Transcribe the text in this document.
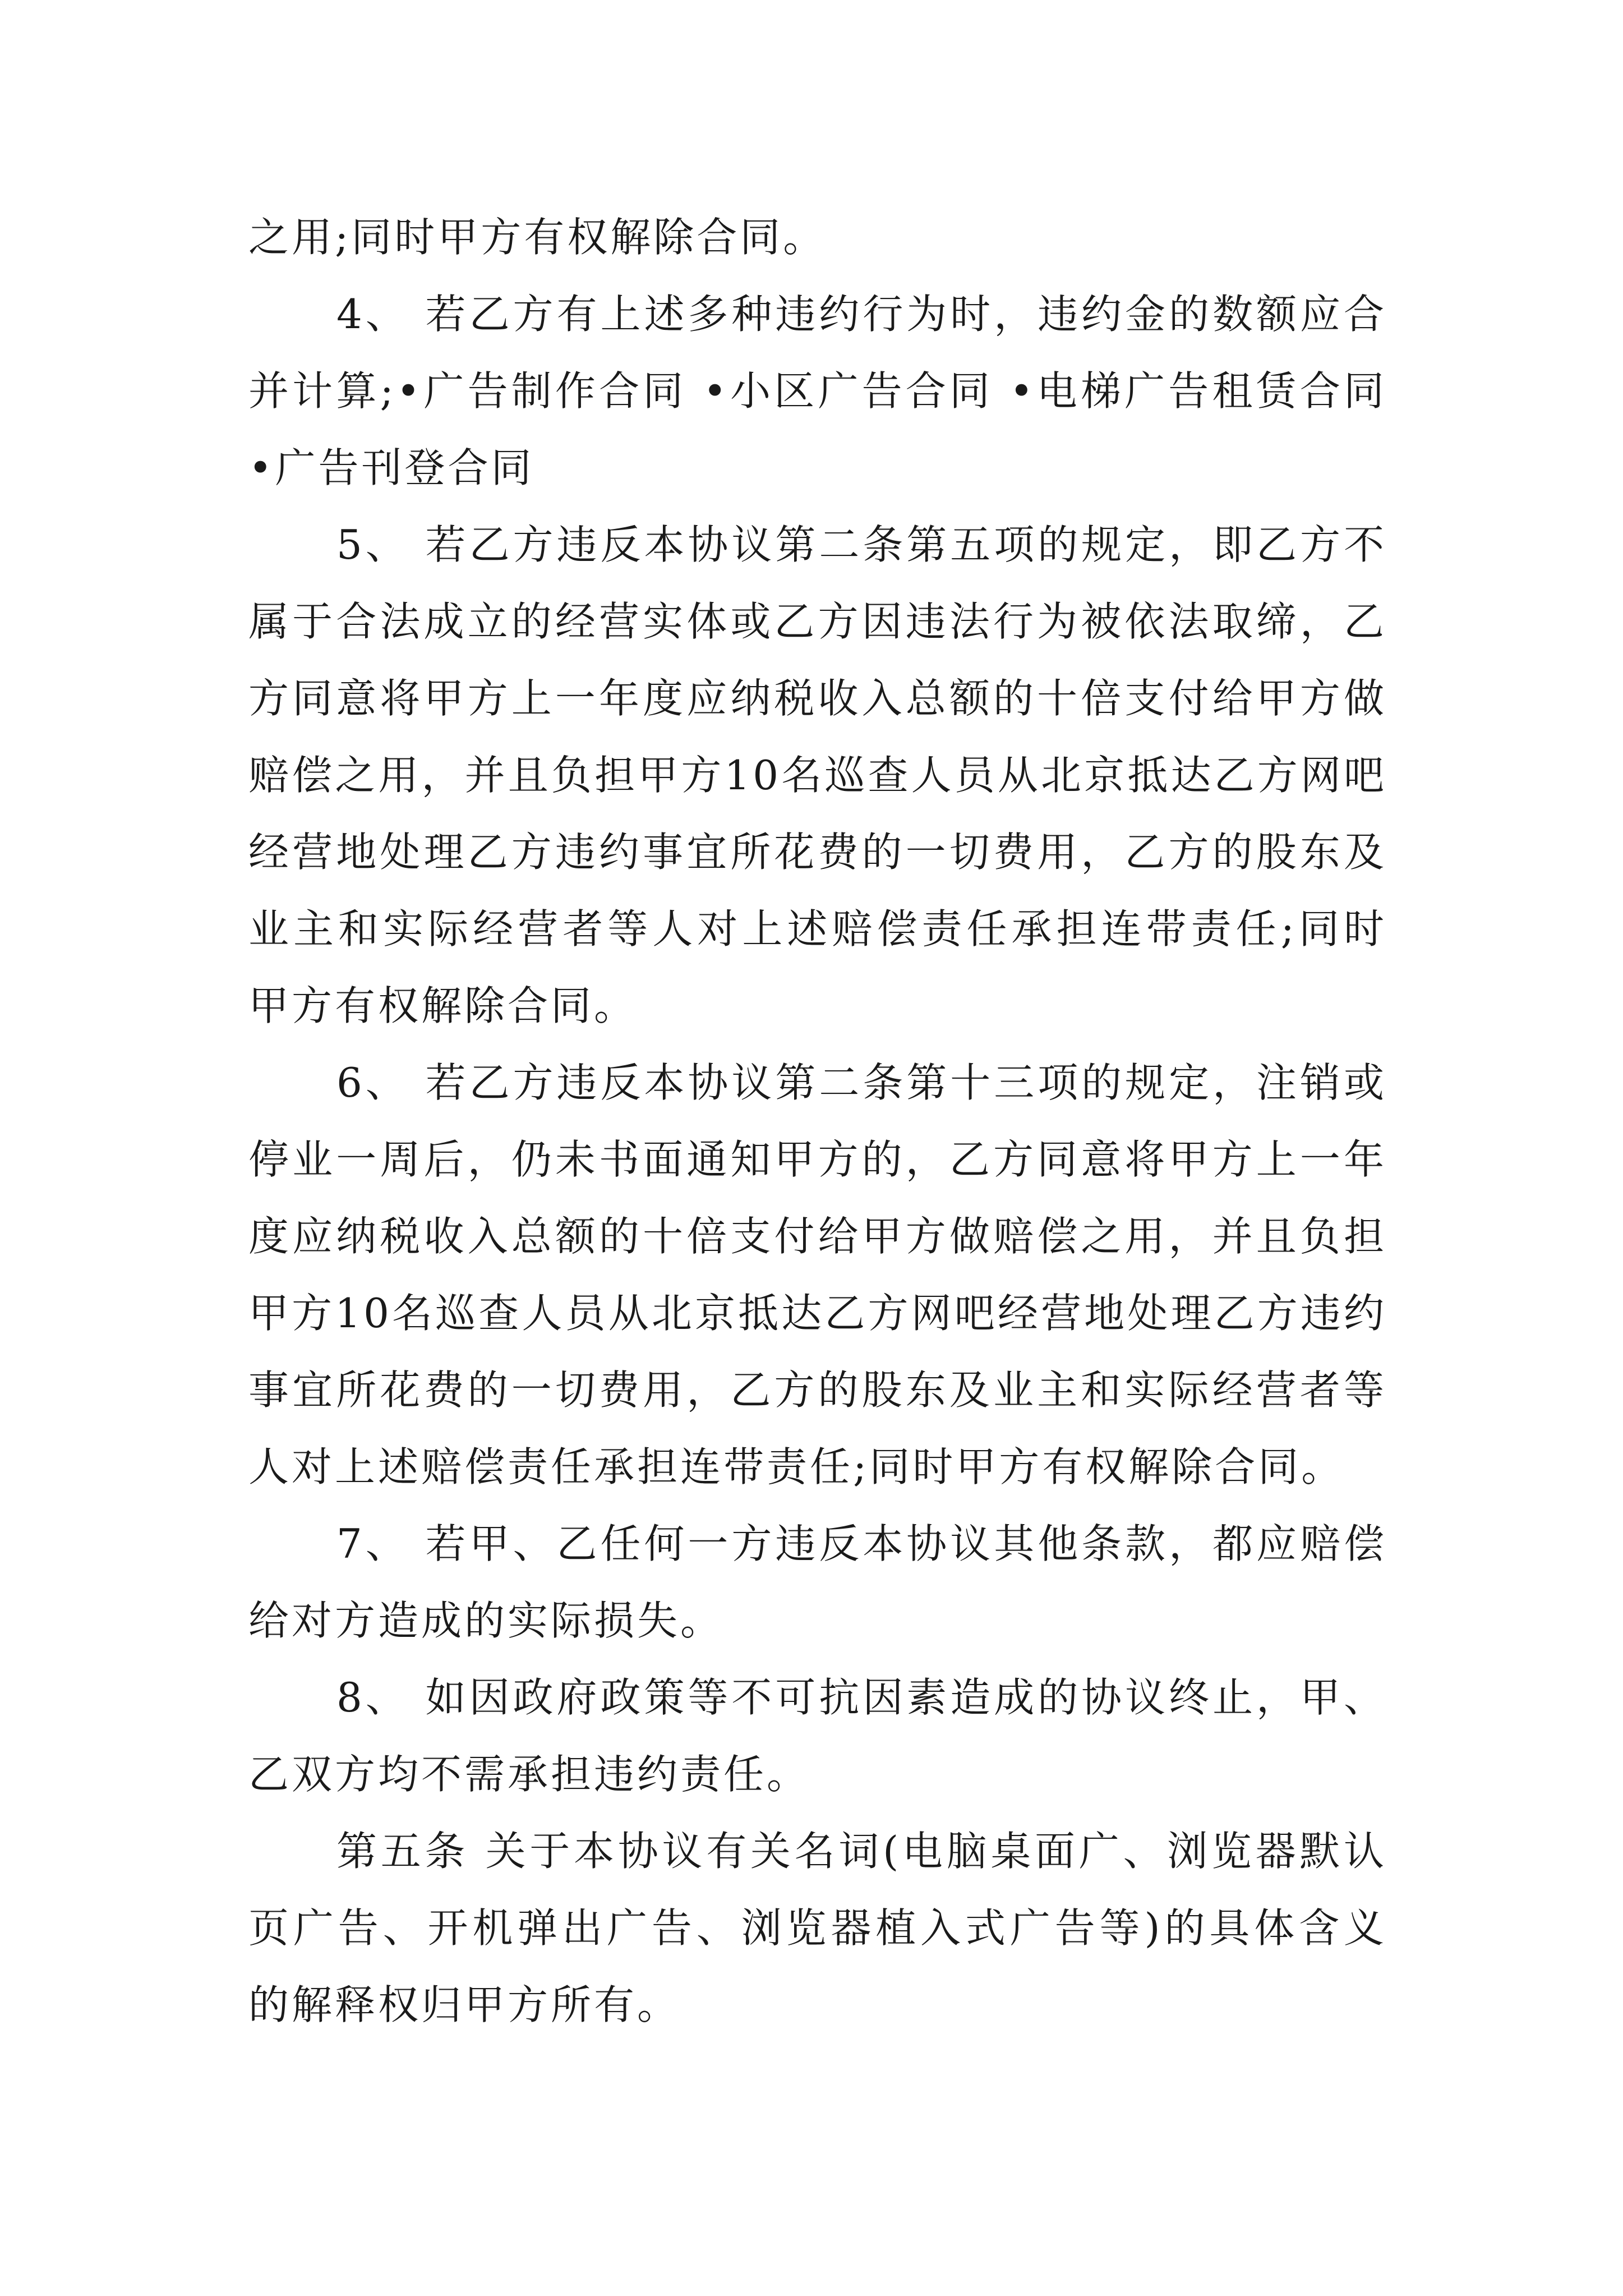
之用;同时甲方有权解除合同。

4、 若乙方有上述多种违约行为时，违约金的数额应合并计算;•广告制作合同 •小区广告合同 •电梯广告租赁合同 •广告刊登合同

5、 若乙方违反本协议第二条第五项的规定，即乙方不属于合法成立的经营实体或乙方因违法行为被依法取缔，乙方同意将甲方上一年度应纳税收入总额的十倍支付给甲方做赔偿之用，并且负担甲方10名巡查人员从北京抵达乙方网吧经营地处理乙方违约事宜所花费的一切费用，乙方的股东及业主和实际经营者等人对上述赔偿责任承担连带责任;同时甲方有权解除合同。

6、 若乙方违反本协议第二条第十三项的规定，注销或停业一周后，仍未书面通知甲方的，乙方同意将甲方上一年度应纳税收入总额的十倍支付给甲方做赔偿之用，并且负担甲方10名巡查人员从北京抵达乙方网吧经营地处理乙方违约事宜所花费的一切费用，乙方的股东及业主和实际经营者等人对上述赔偿责任承担连带责任;同时甲方有权解除合同。

7、 若甲、乙任何一方违反本协议其他条款，都应赔偿给对方造成的实际损失。

8、 如因政府政策等不可抗因素造成的协议终止，甲、乙双方均不需承担违约责任。

第五条 关于本协议有关名词(电脑桌面广、浏览器默认页广告、开机弹出广告、浏览器植入式广告等)的具体含义的解释权归甲方所有。
